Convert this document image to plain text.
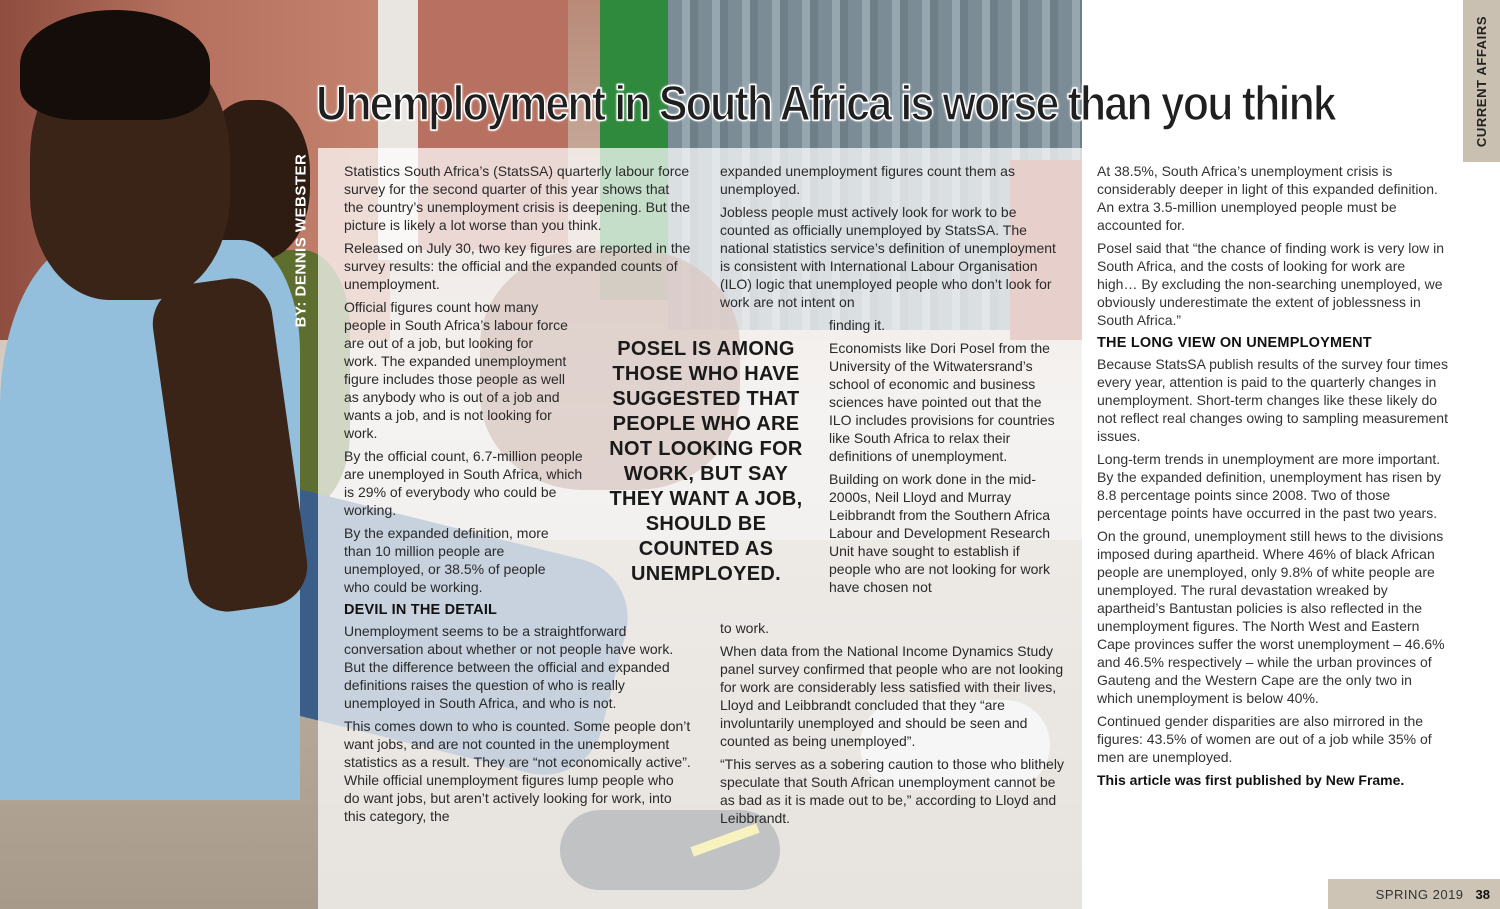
Unemployment in South Africa is worse than you think
BY: DENNIS WEBSTER
CURRENT AFFAIRS

Statistics South Africa’s (StatsSA) quarterly labour force survey for the second quarter of this year shows that the country’s unemployment crisis is deepening. But the picture is likely a lot worse than you think.

Released on July 30, two key figures are reported in the survey results: the official and the expanded counts of unemployment.

Official figures count how many people in South Africa’s labour force are out of a job, but looking for work. The expanded unemployment figure includes those people as well as anybody who is out of a job and wants a job, and is not looking for work.

By the official count, 6.7-million people are unemployed in South Africa, which is 29% of everybody who could be working.

By the expanded definition, more than 10 million people are unemployed, or 38.5% of people who could be working.

DEVIL IN THE DETAIL

Unemployment seems to be a straightforward conversation about whether or not people have work. But the difference between the official and expanded definitions raises the question of who is really unemployed in South Africa, and who is not.

This comes down to who is counted. Some people don’t want jobs, and are not counted in the unemployment statistics as a result. They are “not economically active”. While official unemployment figures lump people who do want jobs, but aren’t actively looking for work, into this category, the

expanded unemployment figures count them as unemployed.

Jobless people must actively look for work to be counted as officially unemployed by StatsSA. The national statistics service’s definition of unemployment is consistent with International Labour Organisation (ILO) logic that unemployed people who don’t look for work are not intent on

finding it.

Economists like Dori Posel from the University of the Witwatersrand’s school of economic and business sciences have pointed out that the ILO includes provisions for countries like South Africa to relax their definitions of unemployment.

Building on work done in the mid-2000s, Neil Lloyd and Murray Leibbrandt from the Southern Africa Labour and Development Research Unit have sought to establish if people who are not looking for work have chosen not

to work.

When data from the National Income Dynamics Study panel survey confirmed that people who are not looking for work are considerably less satisfied with their lives, Lloyd and Leibbrandt concluded that they “are involuntarily unemployed and should be seen and counted as being unemployed”.

“This serves as a sobering caution to those who blithely speculate that South African unemployment cannot be as bad as it is made out to be,” according to Lloyd and Leibbrandt.

POSEL IS AMONG THOSE WHO HAVE SUGGESTED THAT PEOPLE WHO ARE NOT LOOKING FOR WORK, BUT SAY THEY WANT A JOB, SHOULD BE COUNTED AS UNEMPLOYED.

At 38.5%, South Africa’s unemployment crisis is considerably deeper in light of this expanded definition. An extra 3.5-million unemployed people must be accounted for.

Posel said that “the chance of finding work is very low in South Africa, and the costs of looking for work are high… By excluding the non-searching unemployed, we obviously underestimate the extent of joblessness in South Africa.”

THE LONG VIEW ON UNEMPLOYMENT

Because StatsSA publish results of the survey four times every year, attention is paid to the quarterly changes in unemployment. Short-term changes like these likely do not reflect real changes owing to sampling measurement issues.

Long-term trends in unemployment are more important. By the expanded definition, unemployment has risen by 8.8 percentage points since 2008. Two of those percentage points have occurred in the past two years.

On the ground, unemployment still hews to the divisions imposed during apartheid. Where 46% of black African people are unemployed, only 9.8% of white people are unemployed. The rural devastation wreaked by apartheid’s Bantustan policies is also reflected in the unemployment figures. The North West and Eastern Cape provinces suffer the worst unemployment – 46.6% and 46.5% respectively – while the urban provinces of Gauteng and the Western Cape are the only two in which unemployment is below 40%.

Continued gender disparities are also mirrored in the figures: 43.5% of women are out of a job while 35% of men are unemployed.

This article was first published by New Frame.

SPRING 2019 38
